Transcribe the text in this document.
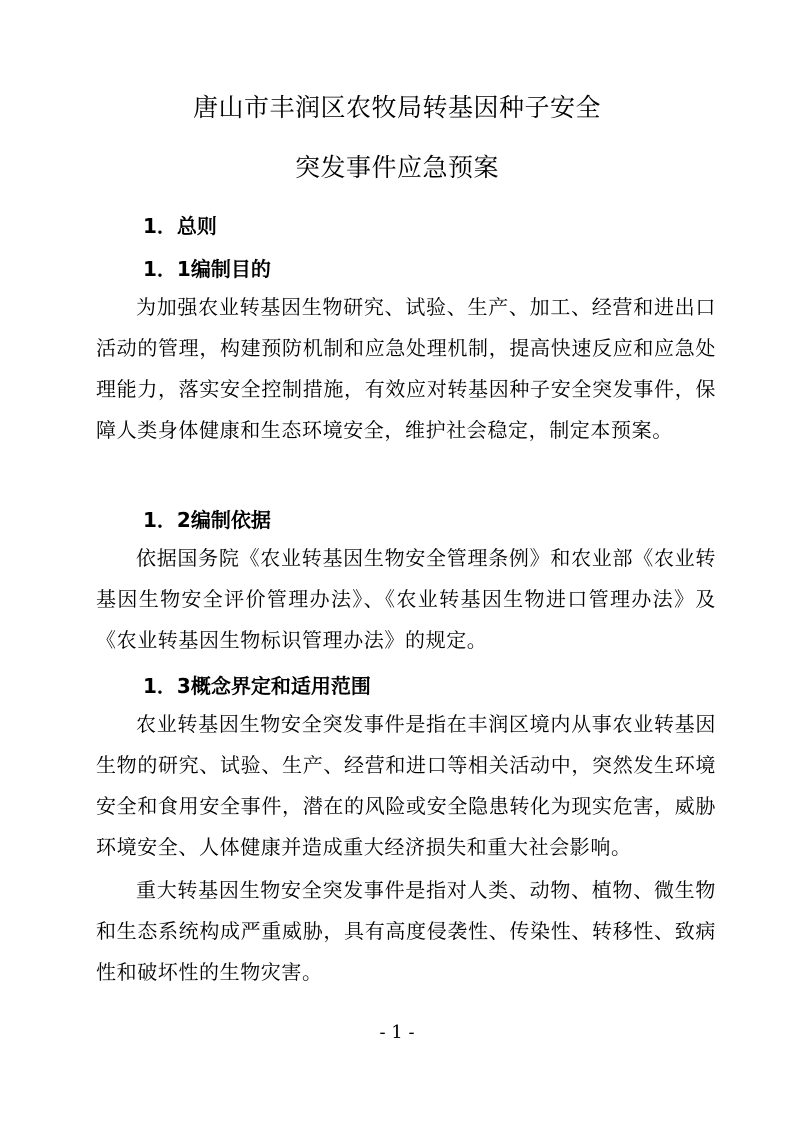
唐山市丰润区农牧局转基因种子安全
突发事件应急预案
1．总则
1．1编制目的
为加强农业转基因生物研究、试验、生产、加工、经营和进出口活动的管理，构建预防机制和应急处理机制，提高快速反应和应急处理能力，落实安全控制措施，有效应对转基因种子安全突发事件，保障人类身体健康和生态环境安全，维护社会稳定，制定本预案。
1．2编制依据
依据国务院《农业转基因生物安全管理条例》和农业部《农业转基因生物安全评价管理办法》、《农业转基因生物进口管理办法》及《农业转基因生物标识管理办法》的规定。
1．3概念界定和适用范围
农业转基因生物安全突发事件是指在丰润区境内从事农业转基因生物的研究、试验、生产、经营和进口等相关活动中，突然发生环境安全和食用安全事件，潜在的风险或安全隐患转化为现实危害，威胁环境安全、人体健康并造成重大经济损失和重大社会影响。
重大转基因生物安全突发事件是指对人类、动物、植物、微生物和生态系统构成严重威胁，具有高度侵袭性、传染性、转移性、致病性和破坏性的生物灾害。
- 1 -
